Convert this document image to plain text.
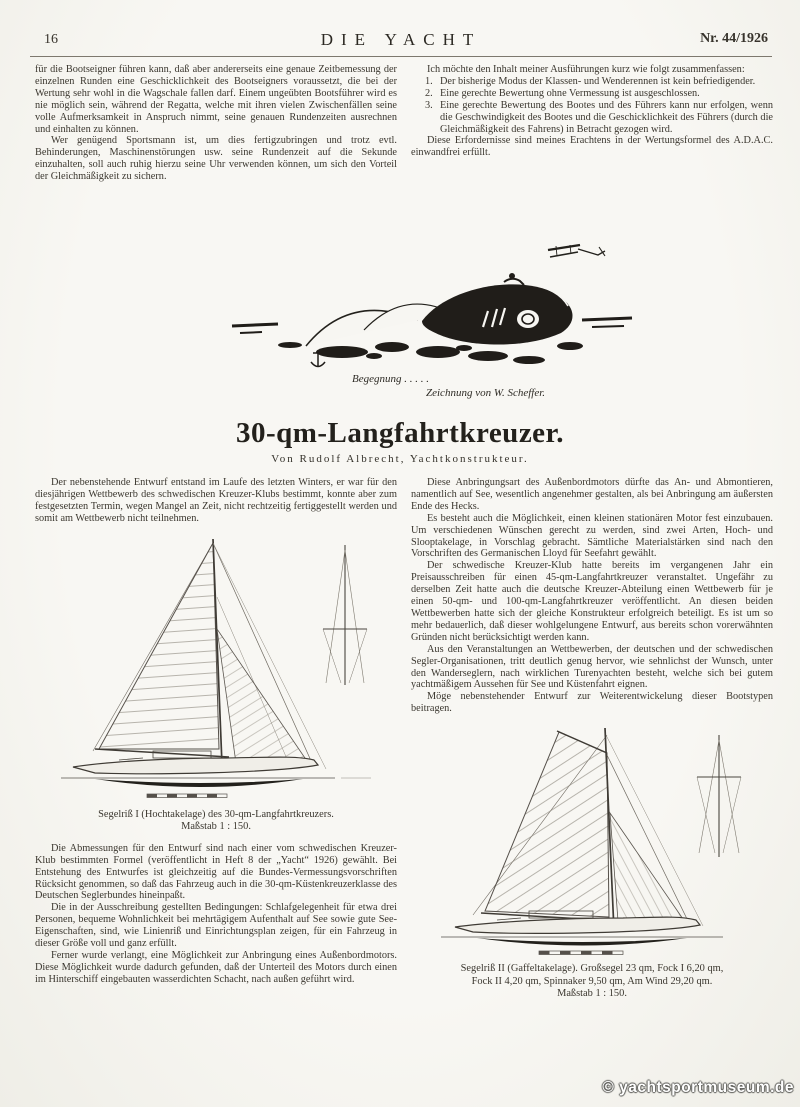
16	DIE YACHT	Nr. 44/1926

für die Bootseigner führen kann, daß aber andererseits eine genaue Zeitbemessung der einzelnen Runden eine Geschicklichkeit des Bootseigners voraussetzt, die bei der Wertung sehr wohl in die Wagschale fallen darf. Einem ungeübten Bootsführer wird es nie möglich sein, während der Regatta, welche mit ihren vielen Zwischenfällen seine volle Aufmerksamkeit in Anspruch nimmt, seine genauen Rundenzeiten ausrechnen und einhalten zu können.

Wer genügend Sportsmann ist, um dies fertigzubringen und trotz evtl. Behinderungen, Maschinenstörungen usw. seine Rundenzeit auf die Sekunde einzuhalten, soll auch ruhig hierzu seine Uhr verwenden können, um sich den Vorteil der Gleichmäßigkeit zu sichern.

Ich möchte den Inhalt meiner Ausführungen kurz wie folgt zusammenfassen:

1. Der bisherige Modus der Klassen- und Wenderennen ist kein befriedigender.
2. Eine gerechte Bewertung ohne Vermessung ist ausgeschlossen.
3. Eine gerechte Bewertung des Bootes und des Führers kann nur erfolgen, wenn die Geschwindigkeit des Bootes und die Geschicklichkeit des Führers (durch die Gleichmäßigkeit des Fahrens) in Betracht gezogen wird.

Diese Erfordernisse sind meines Erachtens in der Wertungsformel des A.D.A.C. einwandfrei erfüllt.

Begegnung . . . . .
Zeichnung von W. Scheffer.
30-qm-Langfahrtkreuzer.
Von Rudolf Albrecht, Yachtkonstrukteur.

Der nebenstehende Entwurf entstand im Laufe des letzten Winters, er war für den diesjährigen Wettbewerb des schwedischen Kreuzer-Klubs bestimmt, konnte aber zum festgesetzten Termin, wegen Mangel an Zeit, nicht rechtzeitig fertiggestellt werden und somit am Wettbewerb nicht teilnehmen.

Segelriß I (Hochtakelage) des 30-qm-Langfahrtkreuzers.
Maßstab 1 : 150.

Die Abmessungen für den Entwurf sind nach einer vom schwedischen Kreuzer-Klub bestimmten Formel (veröffentlicht in Heft 8 der „Yacht“ 1926) gewählt. Bei Entstehung des Entwurfes ist gleichzeitig auf die Bundes-Vermessungsvorschriften Rücksicht genommen, so daß das Fahrzeug auch in die 30-qm-Küstenkreuzerklasse des Deutschen Seglerbundes hineinpaßt.

Die in der Ausschreibung gestellten Bedingungen: Schlafgelegenheit für etwa drei Personen, bequeme Wohnlichkeit bei mehrtägigem Aufenthalt auf See sowie gute See-Eigenschaften, sind, wie Linienriß und Einrichtungsplan zeigen, für ein Fahrzeug in dieser Größe voll und ganz erfüllt.

Ferner wurde verlangt, eine Möglichkeit zur Anbringung eines Außenbordmotors. Diese Möglichkeit wurde dadurch gefunden, daß der Unterteil des Motors durch einen im Hinterschiff eingebauten wasserdichten Schacht, nach außen geführt wird.

Diese Anbringungsart des Außenbordmotors dürfte das An- und Abmontieren, namentlich auf See, wesentlich angenehmer gestalten, als bei Anbringung am äußersten Ende des Hecks.

Es besteht auch die Möglichkeit, einen kleinen stationären Motor fest einzubauen. Um verschiedenen Wünschen gerecht zu werden, sind zwei Arten, Hoch- und Slooptakelage, in Vorschlag gebracht. Sämtliche Materialstärken sind nach den Vorschriften des Germanischen Lloyd für Seefahrt gewählt.

Der schwedische Kreuzer-Klub hatte bereits im vergangenen Jahr ein Preisausschreiben für einen 45-qm-Langfahrtkreuzer veranstaltet. Ungefähr zu derselben Zeit hatte auch die deutsche Kreuzer-Abteilung einen Wettbewerb für je einen 50-qm- und 100-qm-Langfahrtkreuzer veröffentlicht. An diesen beiden Wettbewerben hatte sich der gleiche Konstrukteur erfolgreich beteiligt. Es ist um so mehr bedauerlich, daß dieser wohlgelungene Entwurf, aus bereits schon vorerwähnten Gründen nicht berücksichtigt werden kann.

Aus den Veranstaltungen an Wettbewerben, der deutschen und der schwedischen Segler-Organisationen, tritt deutlich genug hervor, wie sehnlichst der Wunsch, unter den Wanderseglern, nach wirklichen Turenyachten besteht, welche sich bei gutem yachtmäßigem Aussehen für See und Küstenfahrt eignen.

Möge nebenstehender Entwurf zur Weiterentwickelung dieser Bootstypen beitragen.

Segelriß II (Gaffeltakelage). Großsegel 23 qm, Fock I 6,20 qm,
Fock II 4,20 qm, Spinnaker 9,50 qm, Am Wind 29,20 qm.
Maßstab 1 : 150.
© yachtsportmuseum.de
